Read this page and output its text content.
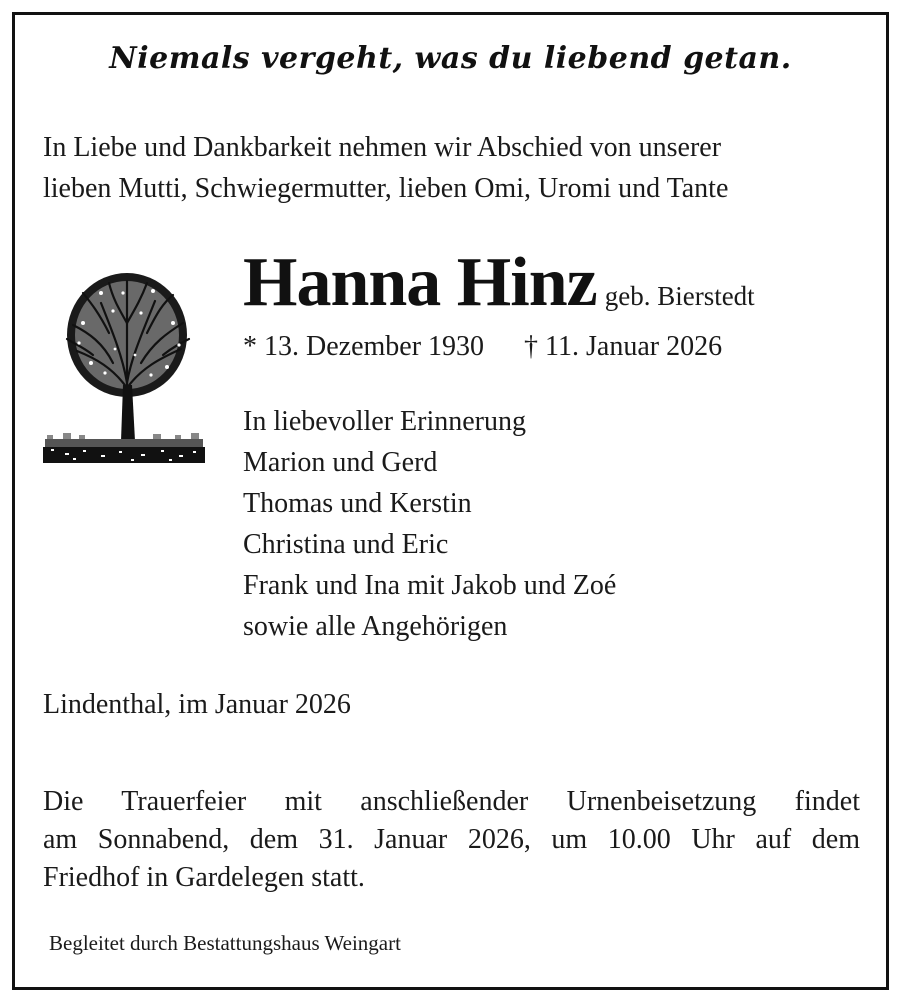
Niemals vergeht, was du liebend getan.
In Liebe und Dankbarkeit nehmen wir Abschied von unserer
lieben Mutti, Schwiegermutter, lieben Omi, Uromi und Tante
Hanna Hinz geb. Bierstedt
* 13. Dezember 1930 † 11. Januar 2026
In liebevoller Erinnerung
Marion und Gerd
Thomas und Kerstin
Christina und Eric
Frank und Ina mit Jakob und Zoé
sowie alle Angehörigen
Lindenthal, im Januar 2026
Die Trauerfeier mit anschließender Urnenbeisetzung findet
am Sonnabend, dem 31. Januar 2026, um 10.00 Uhr auf dem
Friedhof in Gardelegen statt.
Begleitet durch Bestattungshaus Weingart
